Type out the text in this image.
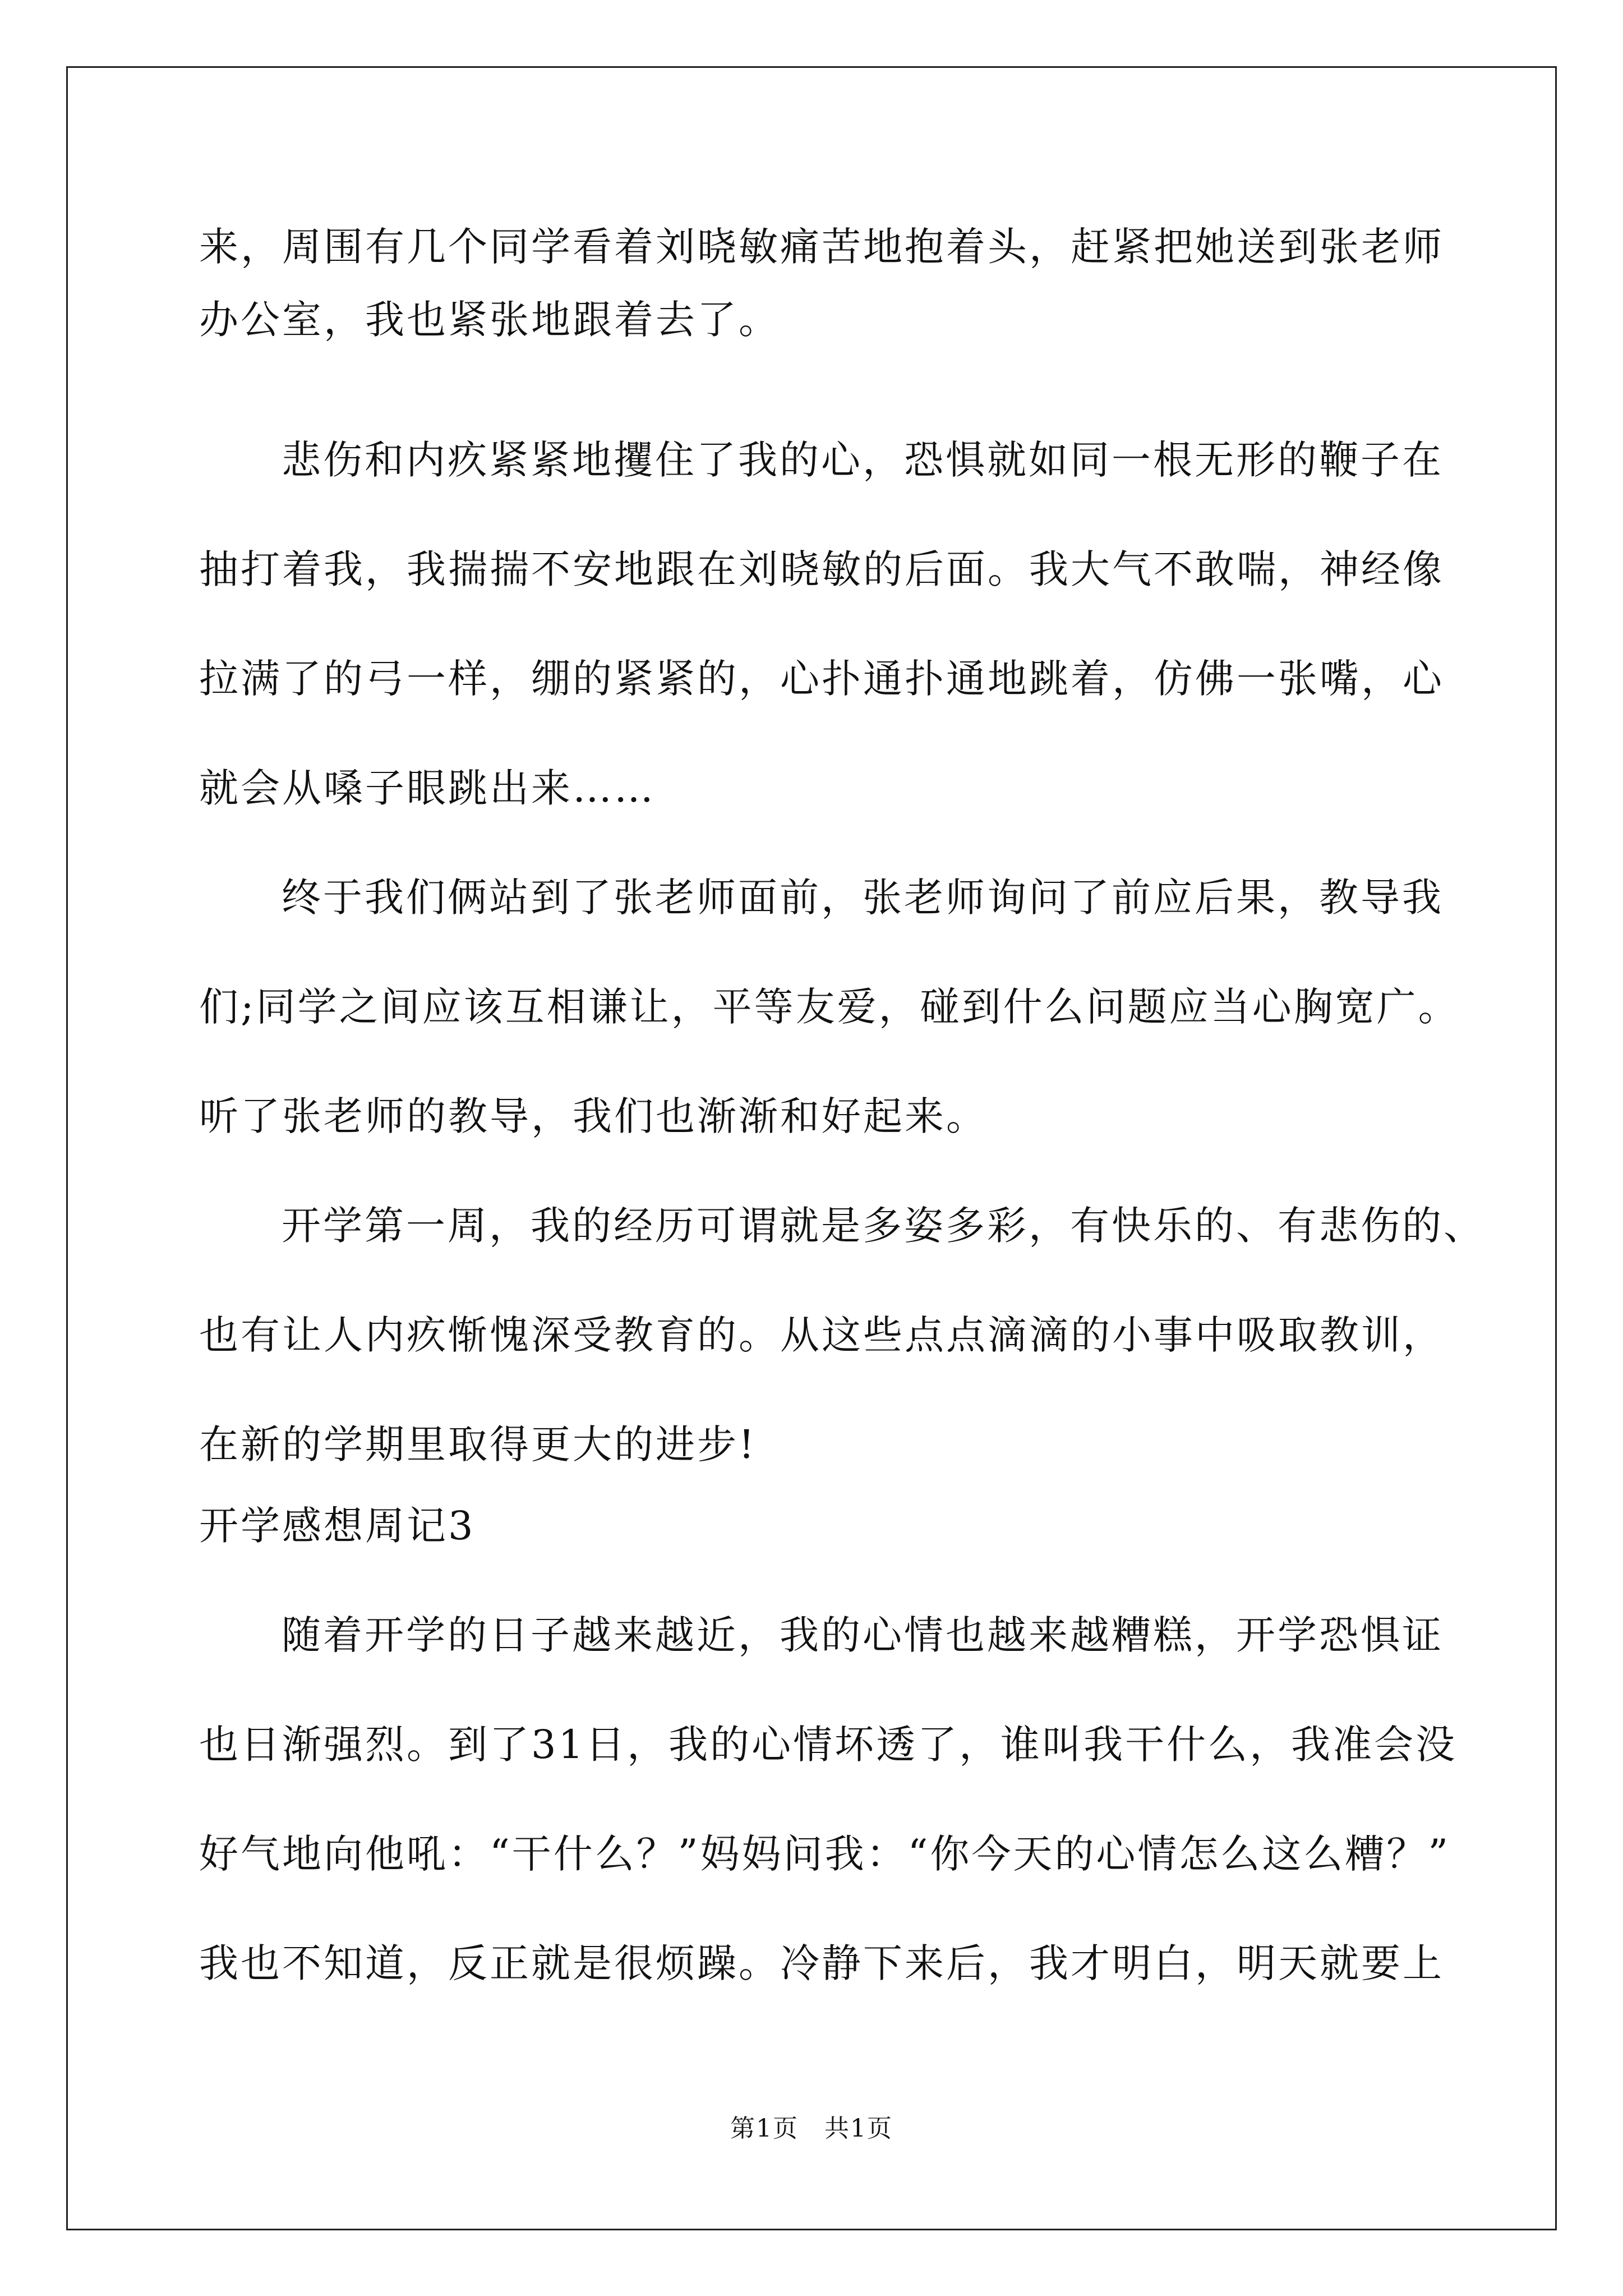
来，周围有几个同学看着刘晓敏痛苦地抱着头，赶紧把她送到张老师
办公室，我也紧张地跟着去了。
悲伤和内疚紧紧地攫住了我的心，恐惧就如同一根无形的鞭子在
抽打着我，我揣揣不安地跟在刘晓敏的后面。我大气不敢喘，神经像
拉满了的弓一样，绷的紧紧的，心扑通扑通地跳着，仿佛一张嘴，心
就会从嗓子眼跳出来……
终于我们俩站到了张老师面前，张老师询问了前应后果，教导我
们;同学之间应该互相谦让，平等友爱，碰到什么问题应当心胸宽广。
听了张老师的教导，我们也渐渐和好起来。
开学第一周，我的经历可谓就是多姿多彩，有快乐的、有悲伤的、
也有让人内疚惭愧深受教育的。从这些点点滴滴的小事中吸取教训，
在新的学期里取得更大的进步!
开学感想周记3
随着开学的日子越来越近，我的心情也越来越糟糕，开学恐惧证
也日渐强烈。到了31日，我的心情坏透了，谁叫我干什么，我准会没
好气地向他吼：“干什么？”妈妈问我：“你今天的心情怎么这么糟？”
我也不知道，反正就是很烦躁。冷静下来后，我才明白，明天就要上
第1页　共1页
